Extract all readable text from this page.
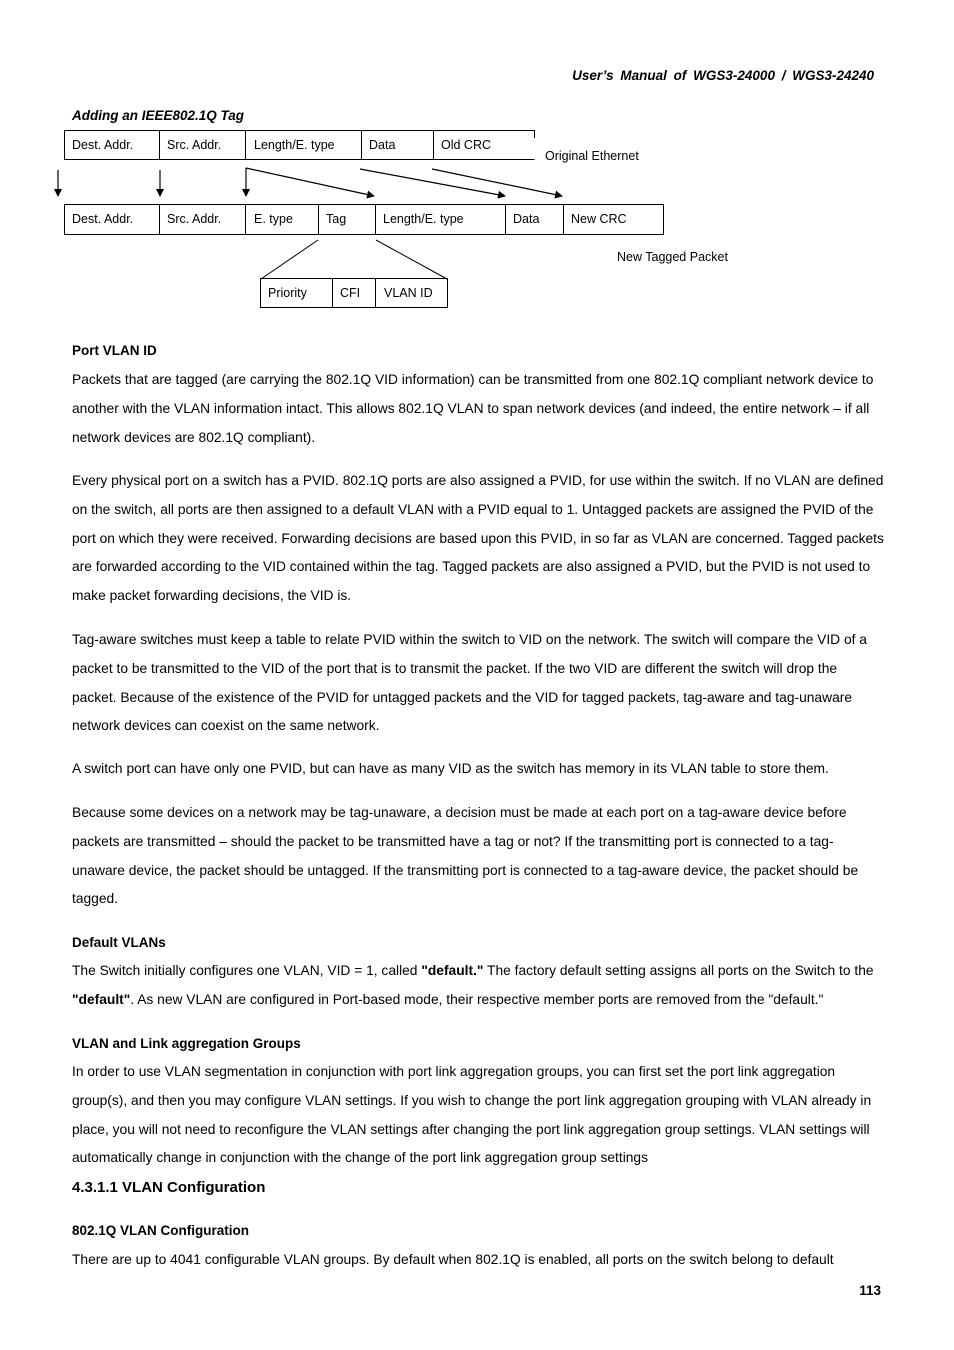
User’s Manual of WGS3-24000 / WGS3-24240
Adding an IEEE802.1Q Tag
Dest. Addr.	Src. Addr.	Length/E. type	Data	Old CRC
Original Ethernet
Dest. Addr.	Src. Addr.	E. type	Tag	Length/E. type	Data	New CRC
New Tagged Packet
Priority	CFI VLAN ID
Port VLAN ID

Packets that are tagged (are carrying the 802.1Q VID information) can be transmitted from one 802.1Q compliant network device to another with the VLAN information intact. This allows 802.1Q VLAN to span network devices (and indeed, the entire network – if all network devices are 802.1Q compliant).

Every physical port on a switch has a PVID. 802.1Q ports are also assigned a PVID, for use within the switch. If no VLAN are defined on the switch, all ports are then assigned to a default VLAN with a PVID equal to 1. Untagged packets are assigned the PVID of the port on which they were received. Forwarding decisions are based upon this PVID, in so far as VLAN are concerned. Tagged packets are forwarded according to the VID contained within the tag. Tagged packets are also assigned a PVID, but the PVID is not used to make packet forwarding decisions, the VID is.

Tag-aware switches must keep a table to relate PVID within the switch to VID on the network. The switch will compare the VID of a packet to be transmitted to the VID of the port that is to transmit the packet. If the two VID are different the switch will drop the packet. Because of the existence of the PVID for untagged packets and the VID for tagged packets, tag-aware and tag-unaware network devices can coexist on the same network.

A switch port can have only one PVID, but can have as many VID as the switch has memory in its VLAN table to store them.

Because some devices on a network may be tag-unaware, a decision must be made at each port on a tag-aware device before packets are transmitted – should the packet to be transmitted have a tag or not? If the transmitting port is connected to a tag-unaware device, the packet should be untagged. If the transmitting port is connected to a tag-aware device, the packet should be tagged.

Default VLANs

The Switch initially configures one VLAN, VID = 1, called "default." The factory default setting assigns all ports on the Switch to the "default". As new VLAN are configured in Port-based mode, their respective member ports are removed from the "default."

VLAN and Link aggregation Groups

In order to use VLAN segmentation in conjunction with port link aggregation groups, you can first set the port link aggregation group(s), and then you may configure VLAN settings. If you wish to change the port link aggregation grouping with VLAN already in place, you will not need to reconfigure the VLAN settings after changing the port link aggregation group settings. VLAN settings will automatically change in conjunction with the change of the port link aggregation group settings

4.3.1.1 VLAN Configuration
802.1Q VLAN Configuration

There are up to 4041 configurable VLAN groups. By default when 802.1Q is enabled, all ports on the switch belong to default

113
